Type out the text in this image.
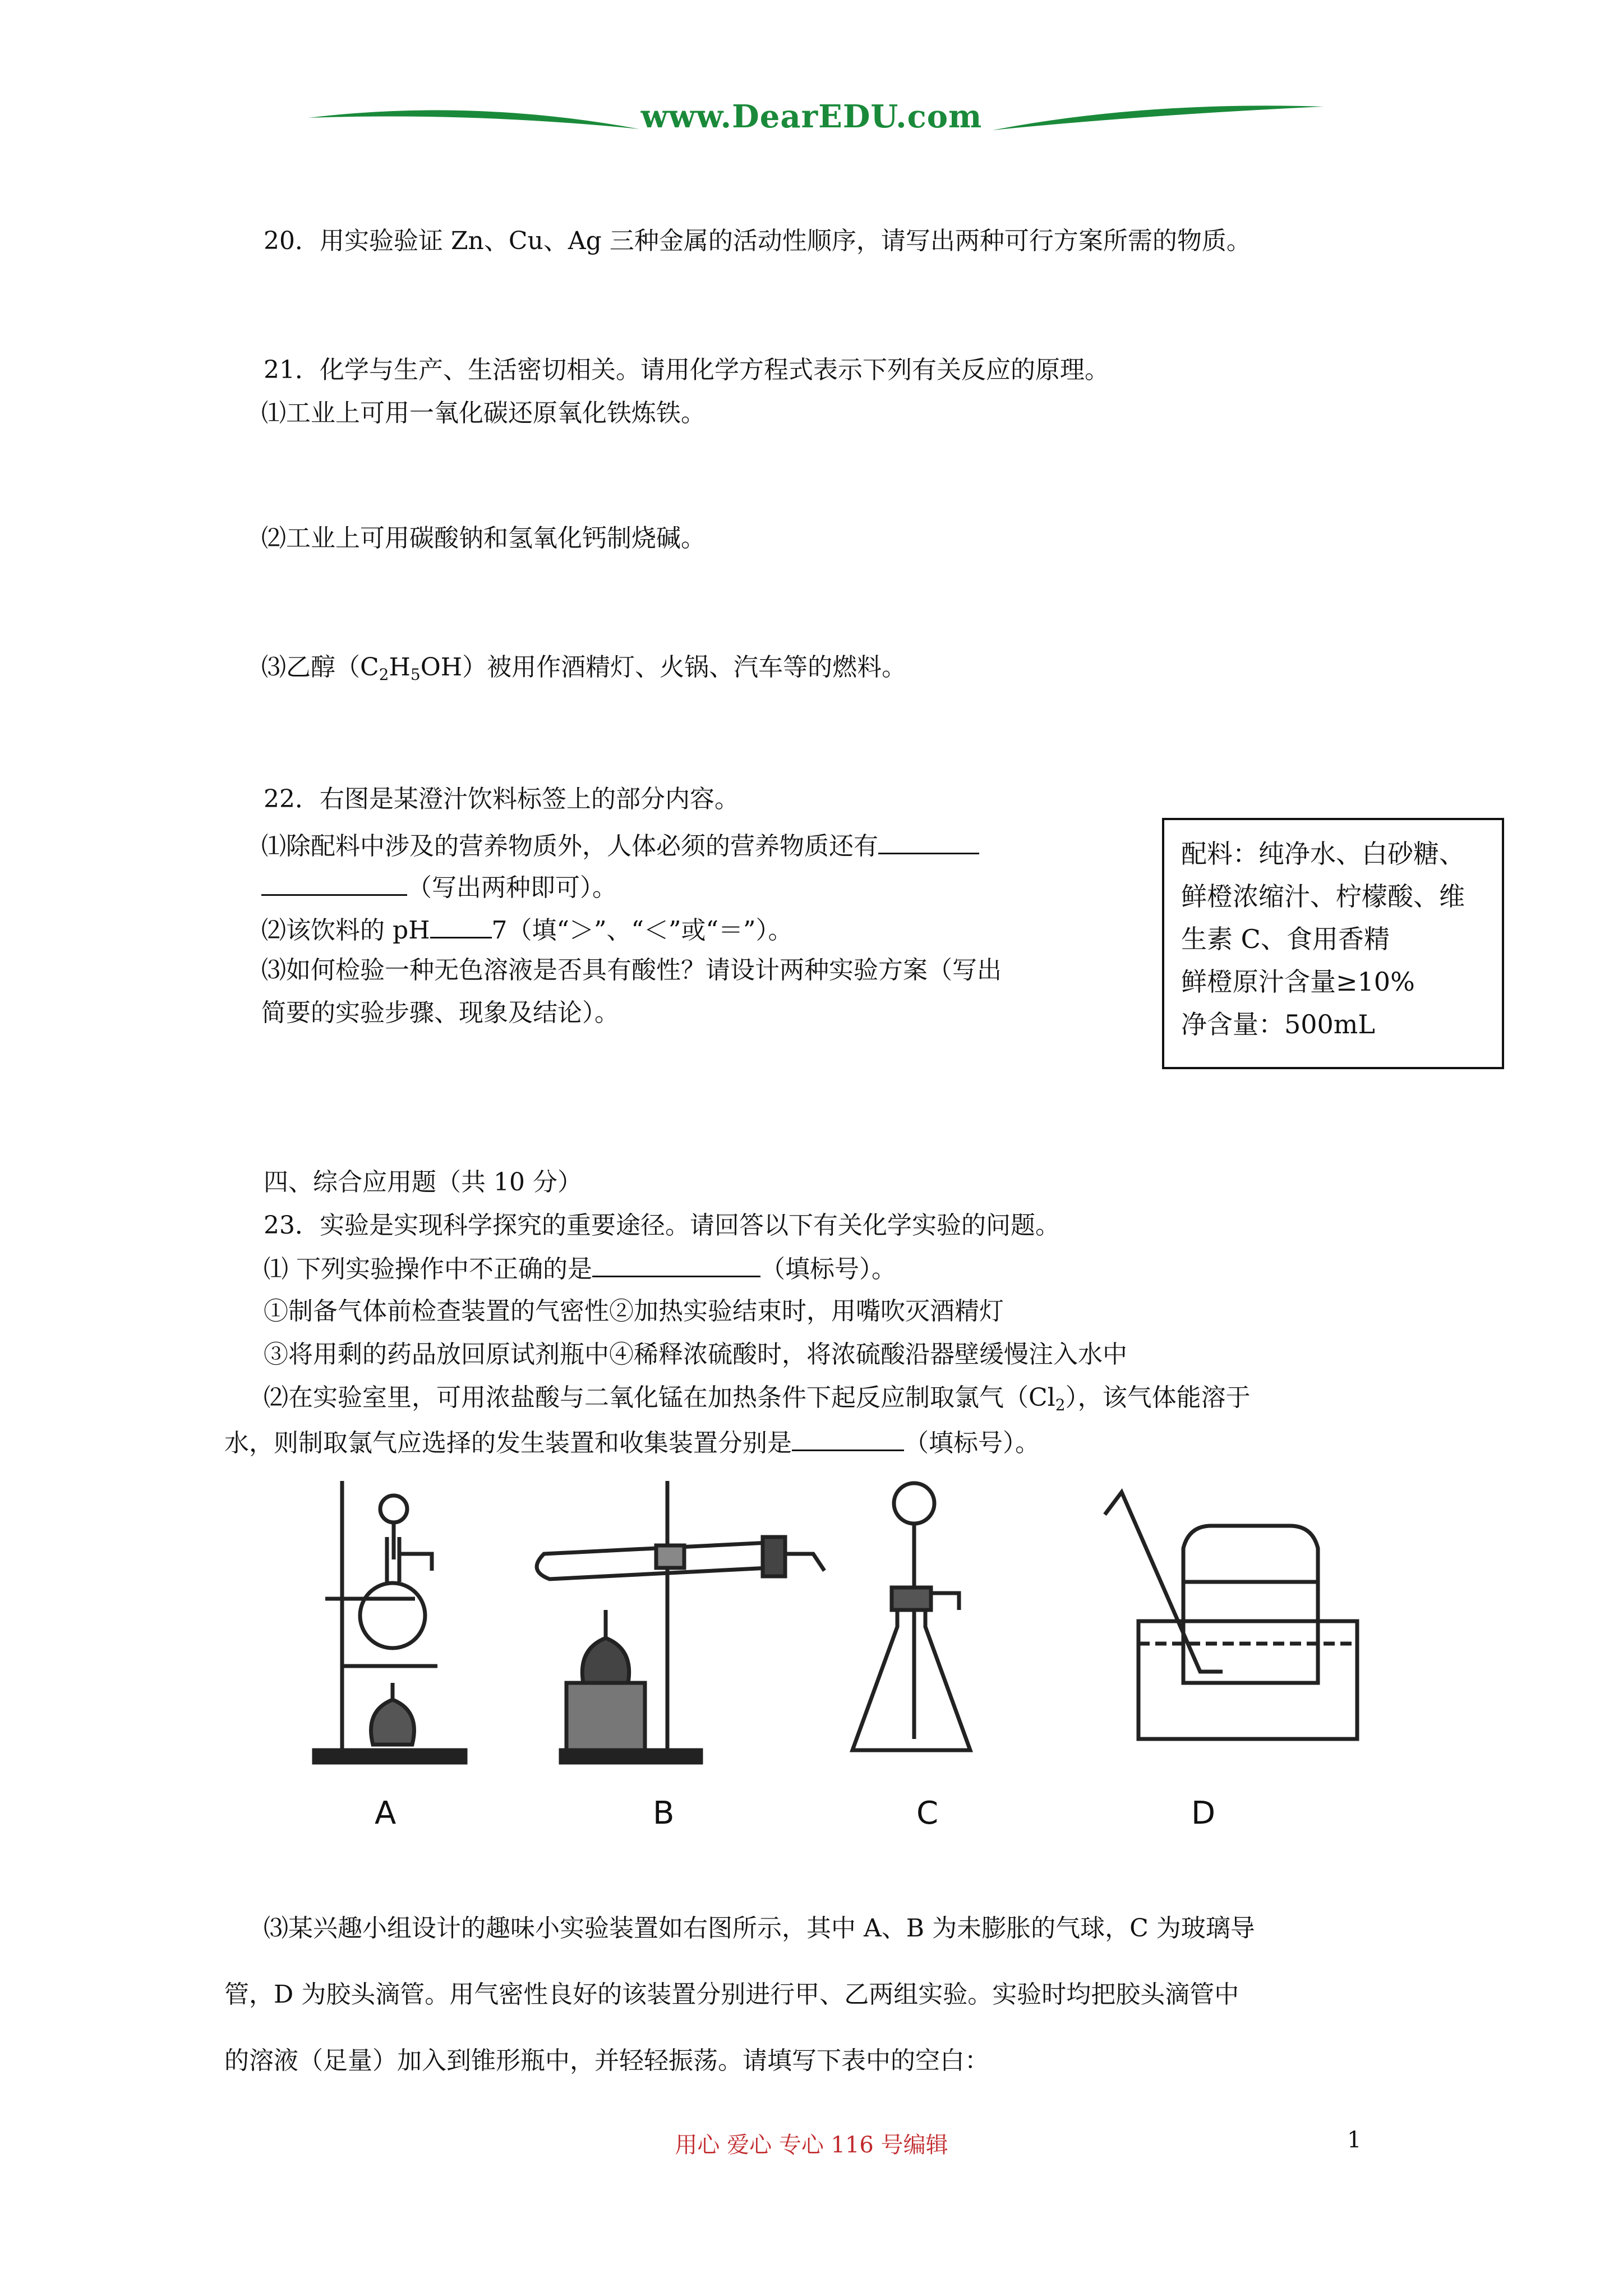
www.DearEDU.com
20．用实验验证 Zn、Cu、Ag 三种金属的活动性顺序，请写出两种可行方案所需的物质。
21．化学与生产、生活密切相关。请用化学方程式表示下列有关反应的原理。
⑴工业上可用一氧化碳还原氧化铁炼铁。
⑵工业上可用碳酸钠和氢氧化钙制烧碱。
⑶乙醇$(C_2H_5OH)$被用作酒精灯、火锅、汽车等的燃料。
22．右图是某澄汁饮料标签上的部分内容。
⑴除配料中涉及的营养物质外，人体必须的营养物质还有
（写出两种即可）。
⑵该饮料的 pH	7（填“＞”、“＜”或“＝”）。
⑶如何检验一种无色溶液是否具有酸性？请设计两种实验方案（写出
简要的实验步骤、现象及结论）。
配料：纯净水、白砂糖、
鲜橙浓缩汁、柠檬酸、维
生素 C、食用香精
鲜橙原汁含量≥10%
净含量：500mL
四、综合应用题（共 10 分）
23．实验是实现科学探究的重要途径。请回答以下有关化学实验的问题。
⑴ 下列实验操作中不正确的是	（填标号）。
①制备气体前检查装置的气密性②加热实验结束时，用嘴吹灭酒精灯
③将用剩的药品放回原试剂瓶中④稀释浓硫酸时，将浓硫酸沿器壁缓慢注入水中
⑵在实验室里，可用浓盐酸与二氧化锰在加热条件下起反应制取氯气$(Cl_2)$，该气体能溶于
水，则制取氯气应选择的发生装置和收集装置分别是	（填标号）。
A	B	C	D
⑶某兴趣小组设计的趣味小实验装置如右图所示，其中 A、B 为未膨胀的气球，C 为玻璃导
管，D 为胶头滴管。用气密性良好的该装置分别进行甲、乙两组实验。实验时均把胶头滴管中
的溶液（足量）加入到锥形瓶中，并轻轻振荡。请填写下表中的空白：
用心 爱心 专心 116 号编辑	1
